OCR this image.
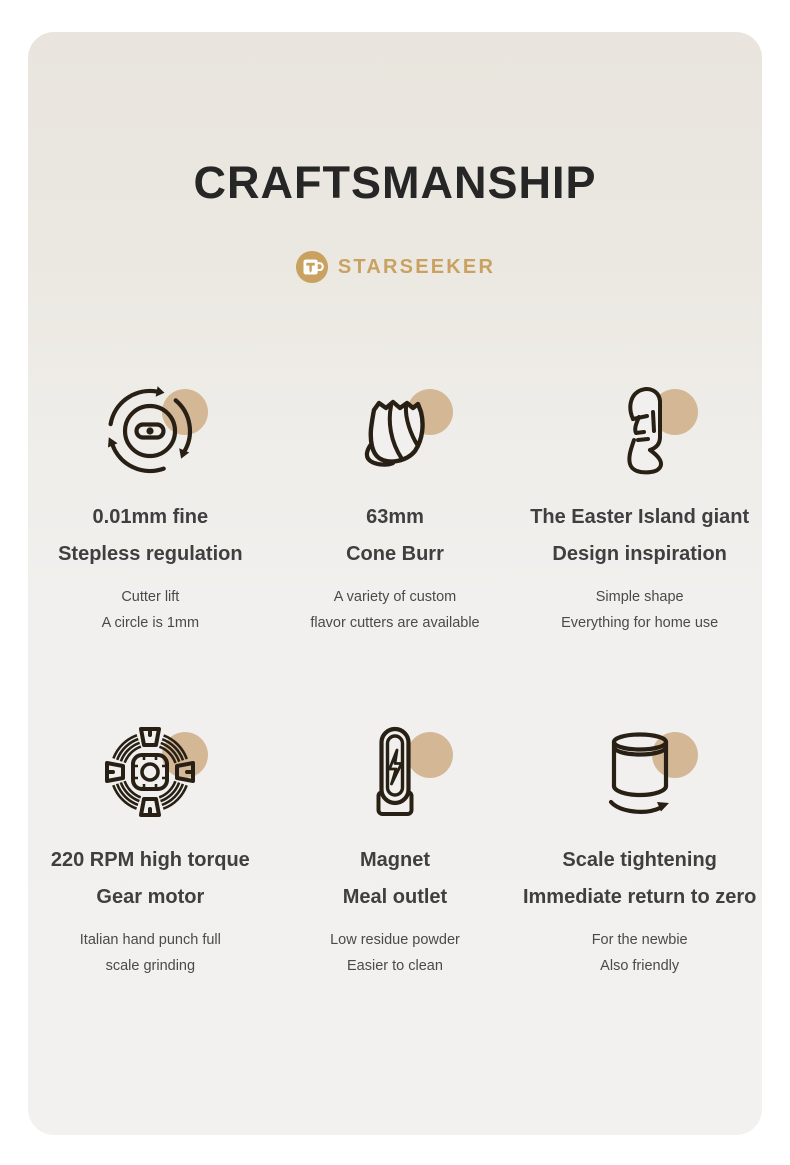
CRAFTSMANSHIP
STARSEEKER
0.01mm fine
Stepless regulation
Cutter lift
A circle is 1mm
63mm
Cone Burr
A variety of custom
flavor cutters are available
The Easter Island giant
Design inspiration
Simple shape
Everything for home use
220 RPM high torque
Gear motor
Italian hand punch full
scale grinding
Magnet
Meal outlet
Low residue powder
Easier to clean
Scale tightening
Immediate return to zero
For the newbie
Also friendly
